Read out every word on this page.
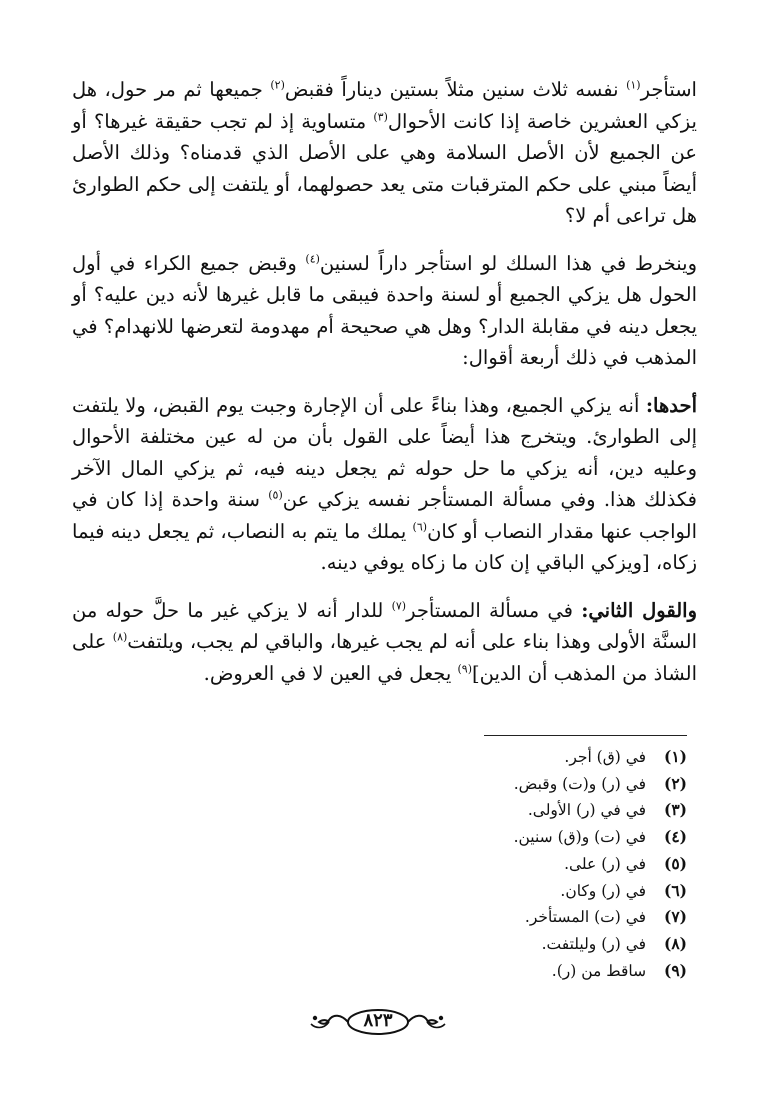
استأجر$^{(١)}$ نفسه ثلاث سنين مثلاً بستين ديناراً فقبض$^{(٢)}$ جميعها ثم مر حول، هل يزكي العشرين خاصة إذا كانت الأحوال$^{(٣)}$ متساوية إذ لم تجب حقيقة غيرها؟ أو عن الجميع لأن الأصل السلامة وهي على الأصل الذي قدمناه؟ وذلك الأصل أيضاً مبني على حكم المترقبات متى يعد حصولهما، أو يلتفت إلى حكم الطوارئ هل تراعى أم لا؟

وينخرط في هذا السلك لو استأجر داراً لسنين$^{(٤)}$ وقبض جميع الكراء في أول الحول هل يزكي الجميع أو لسنة واحدة فيبقى ما قابل غيرها لأنه دين عليه؟ أو يجعل دينه في مقابلة الدار؟ وهل هي صحيحة أم مهدومة لتعرضها للانهدام؟ في المذهب في ذلك أربعة أقوال:

أحدها: أنه يزكي الجميع، وهذا بناءً على أن الإجارة وجبت يوم القبض، ولا يلتفت إلى الطوارئ. ويتخرج هذا أيضاً على القول بأن من له عين مختلفة الأحوال وعليه دين، أنه يزكي ما حل حوله ثم يجعل دينه فيه، ثم يزكي المال الآخر فكذلك هذا. وفي مسألة المستأجر نفسه يزكي عن$^{(٥)}$ سنة واحدة إذا كان في الواجب عنها مقدار النصاب أو كان$^{(٦)}$ يملك ما يتم به النصاب، ثم يجعل دينه فيما زكاه، [ويزكي الباقي إن كان ما زكاه يوفي دينه.

والقول الثاني: في مسألة المستأجر$^{(٧)}$ للدار أنه لا يزكي غير ما حلَّ حوله من السنَّة الأولى وهذا بناء على أنه لم يجب غيرها، والباقي لم يجب، ويلتفت$^{(٨)}$ على الشاذ من المذهب أن الدين]$^{(٩)}$ يجعل في العين لا في العروض.

(١) في (ق) أجر.
(٢) في (ر) و(ت) وقبض.
(٣) في في (ر) الأولى.
(٤) في (ت) و(ق) سنين.
(٥) في (ر) على.
(٦) في (ر) وكان.
(٧) في (ت) المستأخر.
(٨) في (ر) وليلتفت.
(٩) ساقط من (ر).
٨٢٣
